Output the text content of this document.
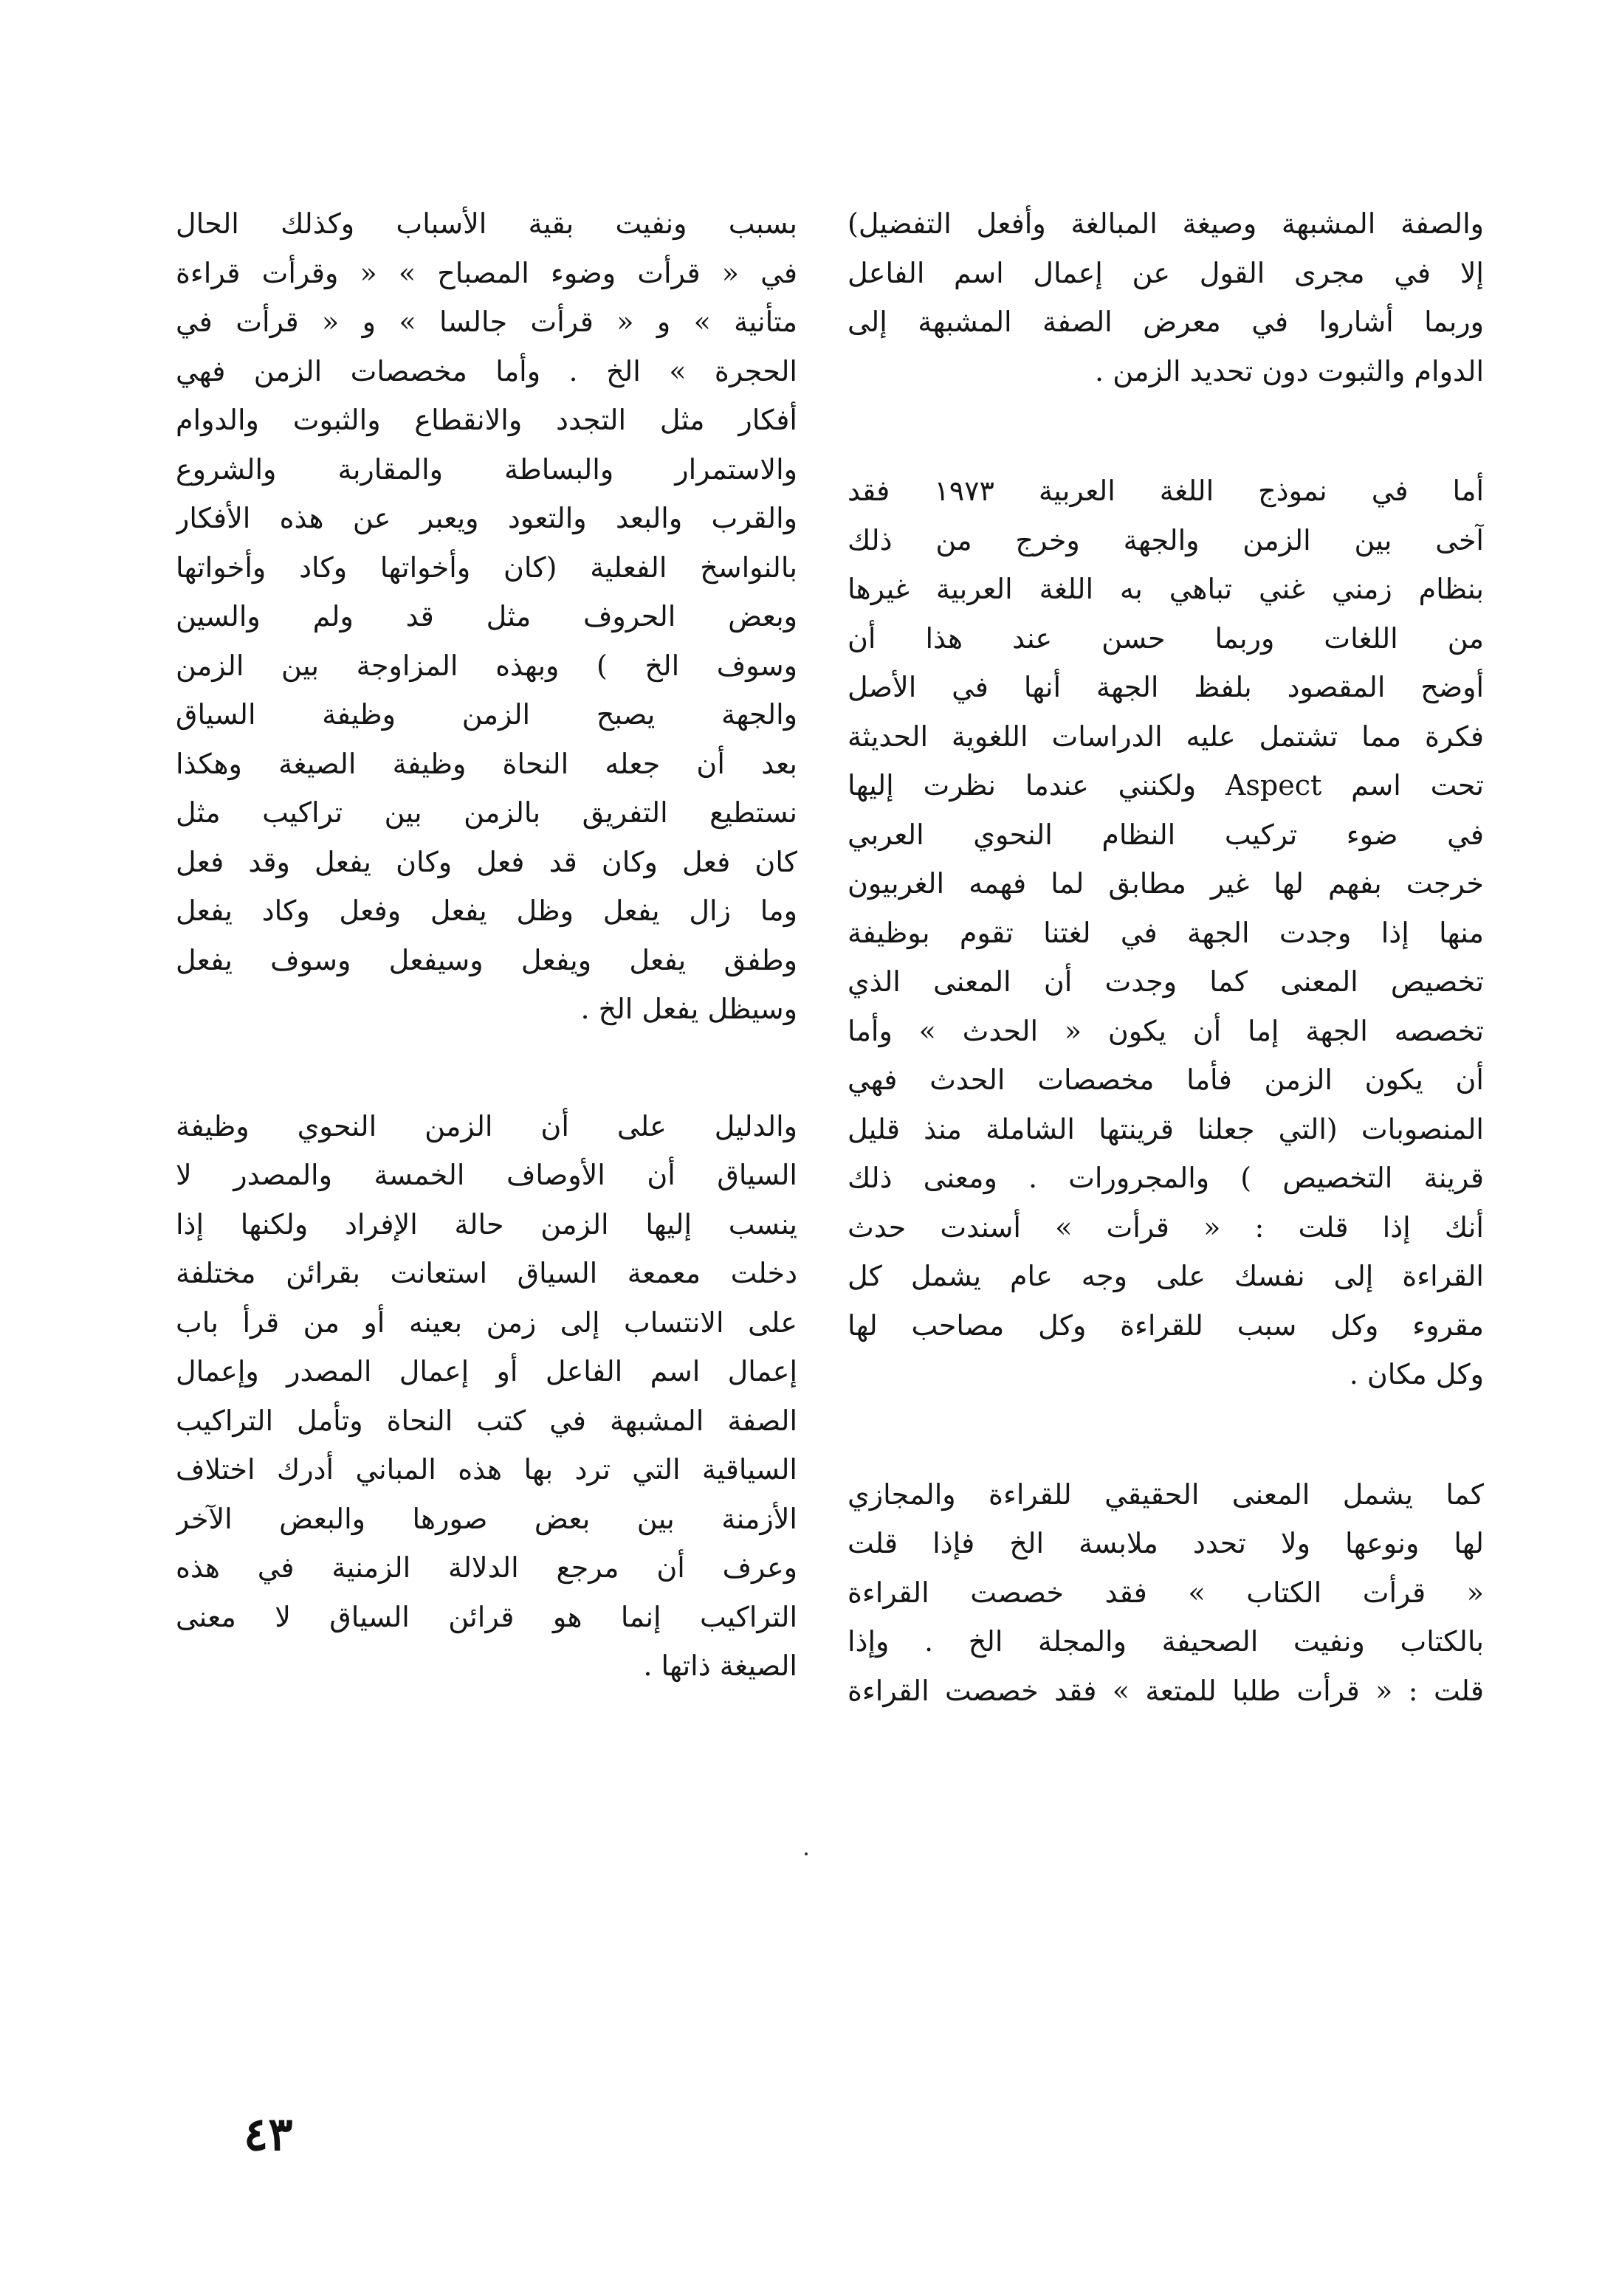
والصفة المشبهة وصيغة المبالغة وأفعل التفضيل)
إلا في مجرى القول عن إعمال اسم الفاعل
وربما أشاروا في معرض الصفة المشبهة إلى
الدوام والثبوت دون تحديد الزمن .

أما في نموذج اللغة العربية ١٩٧٣ فقد
آخى بين الزمن والجهة وخرج من ذلك
بنظام زمني غني تباهي به اللغة العربية غيرها
من اللغات وربما حسن عند هذا أن
أوضح المقصود بلفظ الجهة أنها في الأصل
فكرة مما تشتمل عليه الدراسات اللغوية الحديثة
تحت اسم Aspect ولكنني عندما نظرت إليها
في ضوء تركيب النظام النحوي العربي
خرجت بفهم لها غير مطابق لما فهمه الغربيون
منها إذا وجدت الجهة في لغتنا تقوم بوظيفة
تخصيص المعنى كما وجدت أن المعنى الذي
تخصصه الجهة إما أن يكون « الحدث » وأما
أن يكون الزمن فأما مخصصات الحدث فهي
المنصوبات (التي جعلنا قرينتها الشاملة منذ قليل
قرينة التخصيص ) والمجرورات . ومعنى ذلك
أنك إذا قلت : « قرأت » أسندت حدث
القراءة إلى نفسك على وجه عام يشمل كل
مقروء وكل سبب للقراءة وكل مصاحب لها
وكل مكان .

كما يشمل المعنى الحقيقي للقراءة والمجازي
لها ونوعها ولا تحدد ملابسة الخ فإذا قلت
« قرأت الكتاب » فقد خصصت القراءة
بالكتاب ونفيت الصحيفة والمجلة الخ . وإذا
قلت : « قرأت طلبا للمتعة » فقد خصصت القراءة

بسبب ونفيت بقية الأسباب وكذلك الحال
في « قرأت وضوء المصباح » « وقرأت قراءة
متأنية » و « قرأت جالسا » و « قرأت في
الحجرة » الخ . وأما مخصصات الزمن فهي
أفكار مثل التجدد والانقطاع والثبوت والدوام
والاستمرار والبساطة والمقاربة والشروع
والقرب والبعد والتعود ويعبر عن هذه الأفكار
بالنواسخ الفعلية (كان وأخواتها وكاد وأخواتها
وبعض الحروف مثل قد ولم والسين
وسوف الخ ) وبهذه المزاوجة بين الزمن
والجهة يصبح الزمن وظيفة السياق
بعد أن جعله النحاة وظيفة الصيغة وهكذا
نستطيع التفريق بالزمن بين تراكيب مثل
كان فعل وكان قد فعل وكان يفعل وقد فعل
وما زال يفعل وظل يفعل وفعل وكاد يفعل
وطفق يفعل ويفعل وسيفعل وسوف يفعل
وسيظل يفعل الخ .

والدليل على أن الزمن النحوي وظيفة
السياق أن الأوصاف الخمسة والمصدر لا
ينسب إليها الزمن حالة الإفراد ولكنها إذا
دخلت معمعة السياق استعانت بقرائن مختلفة
على الانتساب إلى زمن بعينه أو من قرأ باب
إعمال اسم الفاعل أو إعمال المصدر وإعمال
الصفة المشبهة في كتب النحاة وتأمل التراكيب
السياقية التي ترد بها هذه المباني أدرك اختلاف
الأزمنة بين بعض صورها والبعض الآخر
وعرف أن مرجع الدلالة الزمنية في هذه
التراكيب إنما هو قرائن السياق لا معنى
الصيغة ذاتها .

٤٣
